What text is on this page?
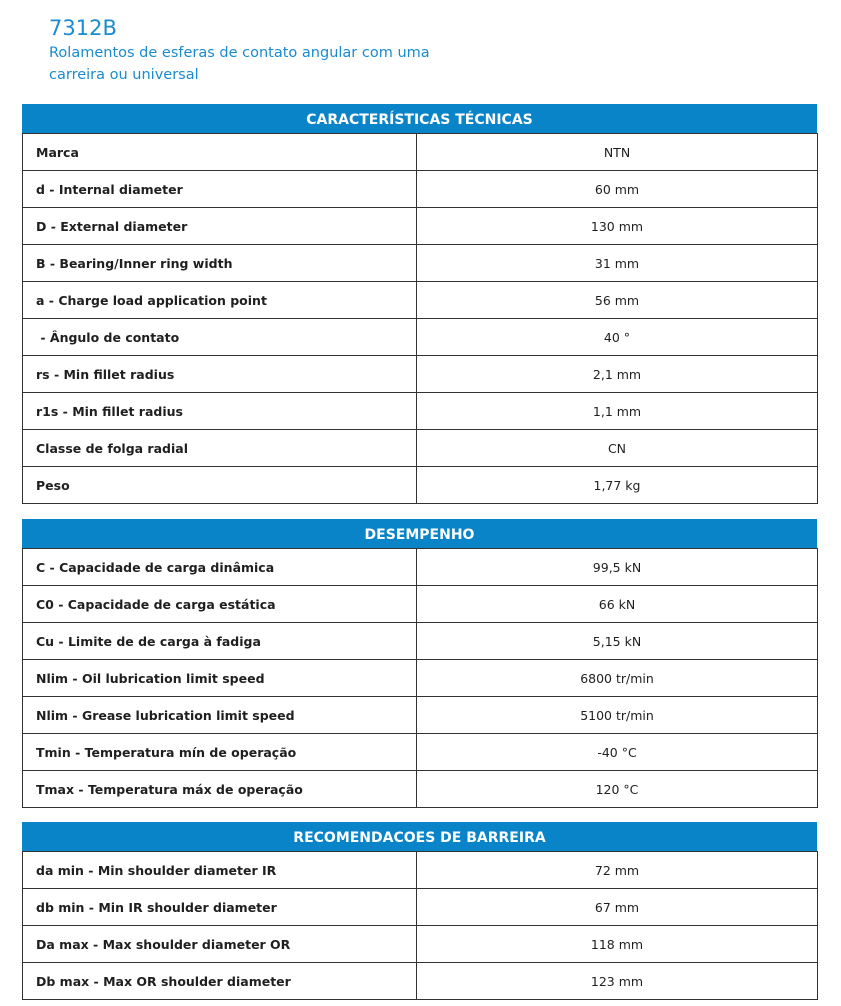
7312B
Rolamentos de esferas de contato angular com uma carreira ou universal
CARACTERÍSTICAS TÉCNICAS
Marca	NTN
d - Internal diameter	60 mm
D - External diameter	130 mm
B - Bearing/Inner ring width	31 mm
a - Charge load application point	56 mm
- Ângulo de contato	40 °
rs - Min fillet radius	2,1 mm
r1s - Min fillet radius	1,1 mm
Classe de folga radial	CN
Peso	1,77 kg
DESEMPENHO
C - Capacidade de carga dinâmica	99,5 kN
C0 - Capacidade de carga estática	66 kN
Cu - Limite de de carga à fadiga	5,15 kN
Nlim - Oil lubrication limit speed	6800 tr/min
Nlim - Grease lubrication limit speed	5100 tr/min
Tmin - Temperatura mín de operação	-40 °C
Tmax - Temperatura máx de operação	120 °C
RECOMENDACOES DE BARREIRA
da min - Min shoulder diameter IR	72 mm
db min - Min IR shoulder diameter	67 mm
Da max - Max shoulder diameter OR	118 mm
Db max - Max OR shoulder diameter	123 mm
